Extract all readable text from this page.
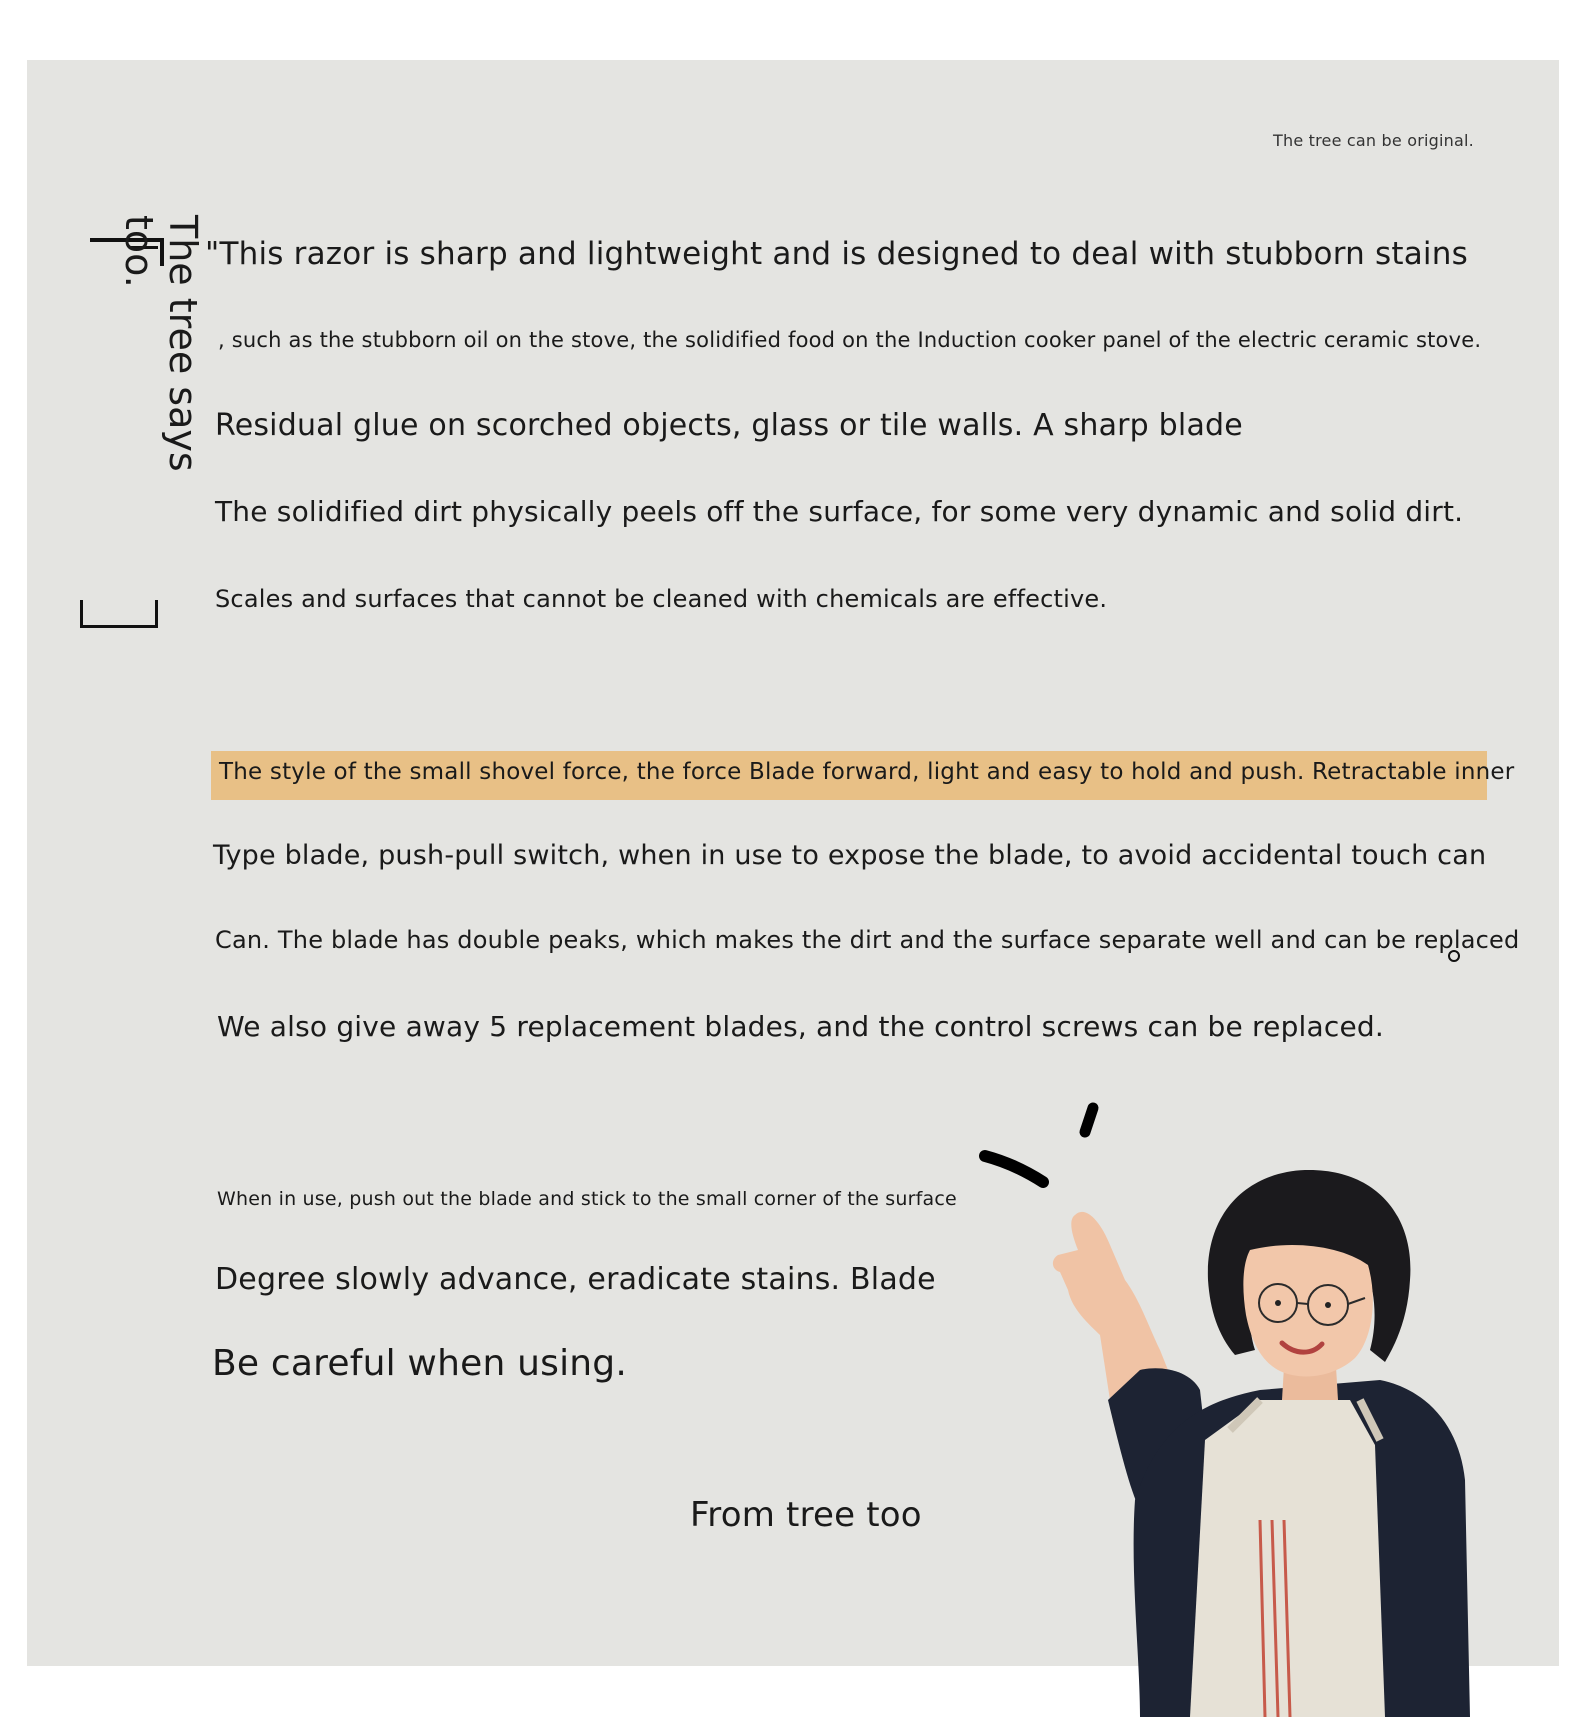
The tree can be original.

The tree says too.	"This razor is sharp and lightweight and is designed to deal with stubborn stains

, such as the stubborn oil on the stove, the solidified food on the Induction cooker panel of the electric ceramic stove.

Residual glue on scorched objects, glass or tile walls. A sharp blade

The solidified dirt physically peels off the surface, for some very dynamic and solid dirt.

Scales and surfaces that cannot be cleaned with chemicals are effective.

The style of the small shovel force, the force Blade forward, light and easy to hold and push. Retractable inner

Type blade, push-pull switch, when in use to expose the blade, to avoid accidental touch can

Can. The blade has double peaks, which makes the dirt and the surface separate well and can be replaced

We also give away 5 replacement blades, and the control screws can be replaced.

When in use, push out the blade and stick to the small corner of the surface

Degree slowly advance, eradicate stains. Blade

Be careful when using.

From tree too
